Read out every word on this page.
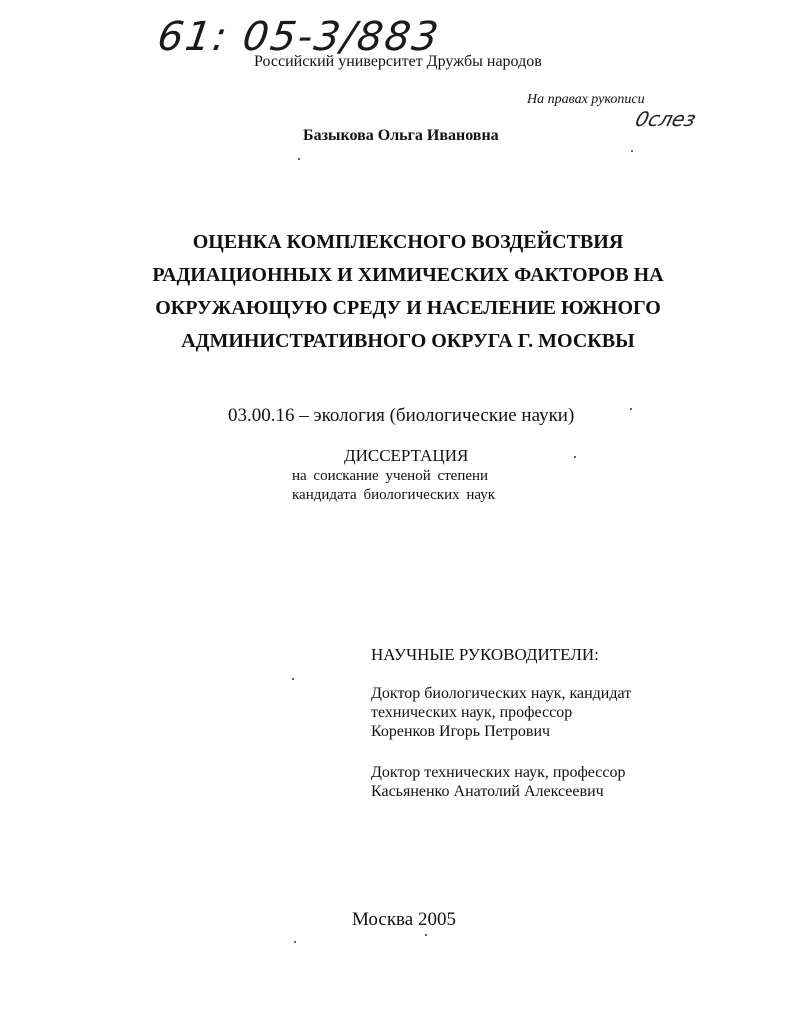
61: 05-3/883
Российский университет Дружбы народов
На правах рукописи
0слез
Базыкова Ольга Ивановна
ОЦЕНКА КОМПЛЕКСНОГО ВОЗДЕЙСТВИЯ
РАДИАЦИОННЫХ И ХИМИЧЕСКИХ ФАКТОРОВ НА
ОКРУЖАЮЩУЮ СРЕДУ И НАСЕЛЕНИЕ ЮЖНОГО
АДМИНИСТРАТИВНОГО ОКРУГА Г. МОСКВЫ
03.00.16 – экология (биологические науки)
ДИССЕРТАЦИЯ
на соискание ученой степени
кандидата биологических наук
НАУЧНЫЕ РУКОВОДИТЕЛИ:
Доктор биологических наук, кандидат
технических наук, профессор
Коренков Игорь Петрович
Доктор технических наук, профессор
Касьяненко Анатолий Алексеевич
Москва 2005
